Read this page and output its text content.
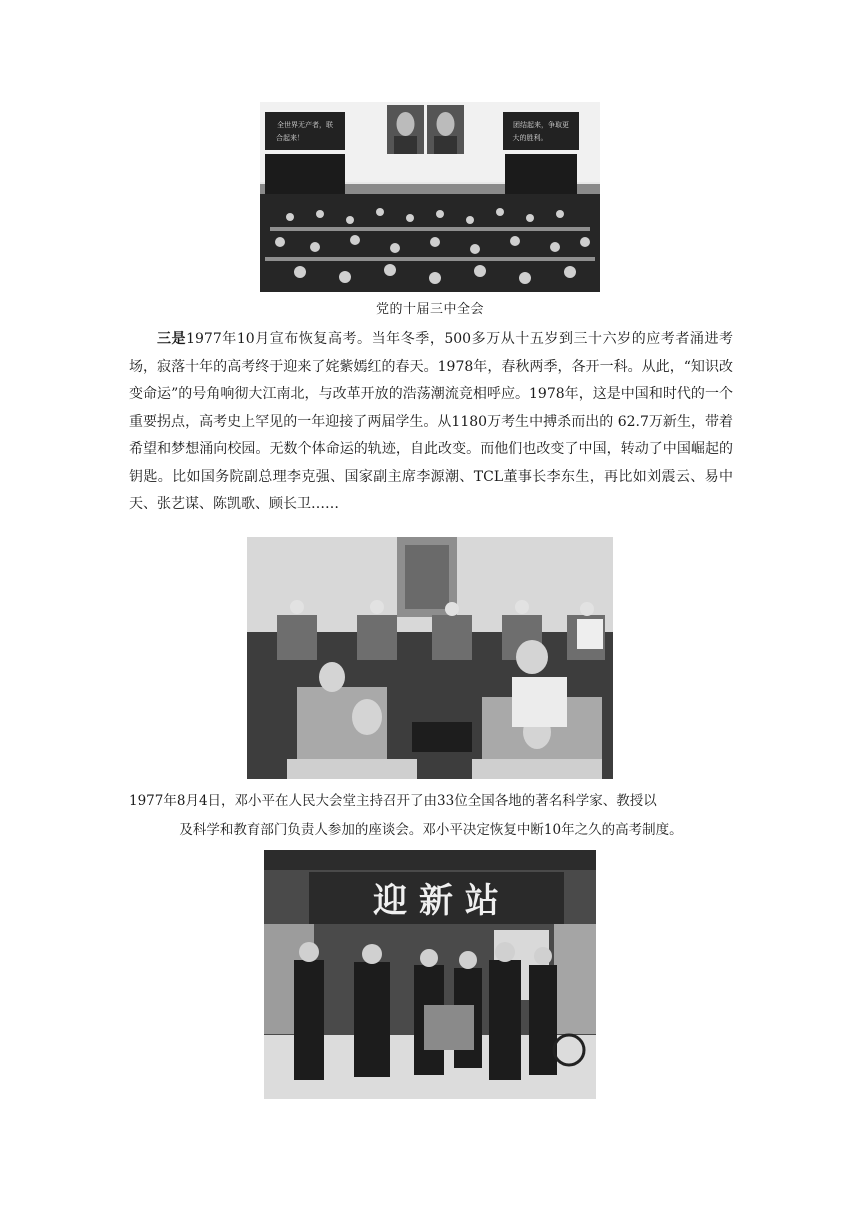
全世界无产者，联
合起来！
团结起来，争取更
大的胜利。
党的十届三中全会

三是1977年10月宣布恢复高考。当年冬季，500多万从十五岁到三十六岁的应考者涌进考场，寂落十年的高考终于迎来了姹紫嫣红的春天。1978年，春秋两季，各开一科。从此，“知识改变命运”的号角响彻大江南北，与改革开放的浩荡潮流竞相呼应。1978年，这是中国和时代的一个重要拐点，高考史上罕见的一年迎接了两届学生。从1180万考生中搏杀而出的 62.7万新生，带着希望和梦想涌向校园。无数个体命运的轨迹，自此改变。而他们也改变了中国，转动了中国崛起的钥匙。比如国务院副总理李克强、国家副主席李源潮、TCL董事长李东生，再比如刘震云、易中天、张艺谋、陈凯歌、顾长卫……

1977年8月4日，邓小平在人民大会堂主持召开了由33位全国各地的著名科学家、教授以
及科学和教育部门负责人参加的座谈会。邓小平决定恢复中断10年之久的高考制度。
迎 新 站
